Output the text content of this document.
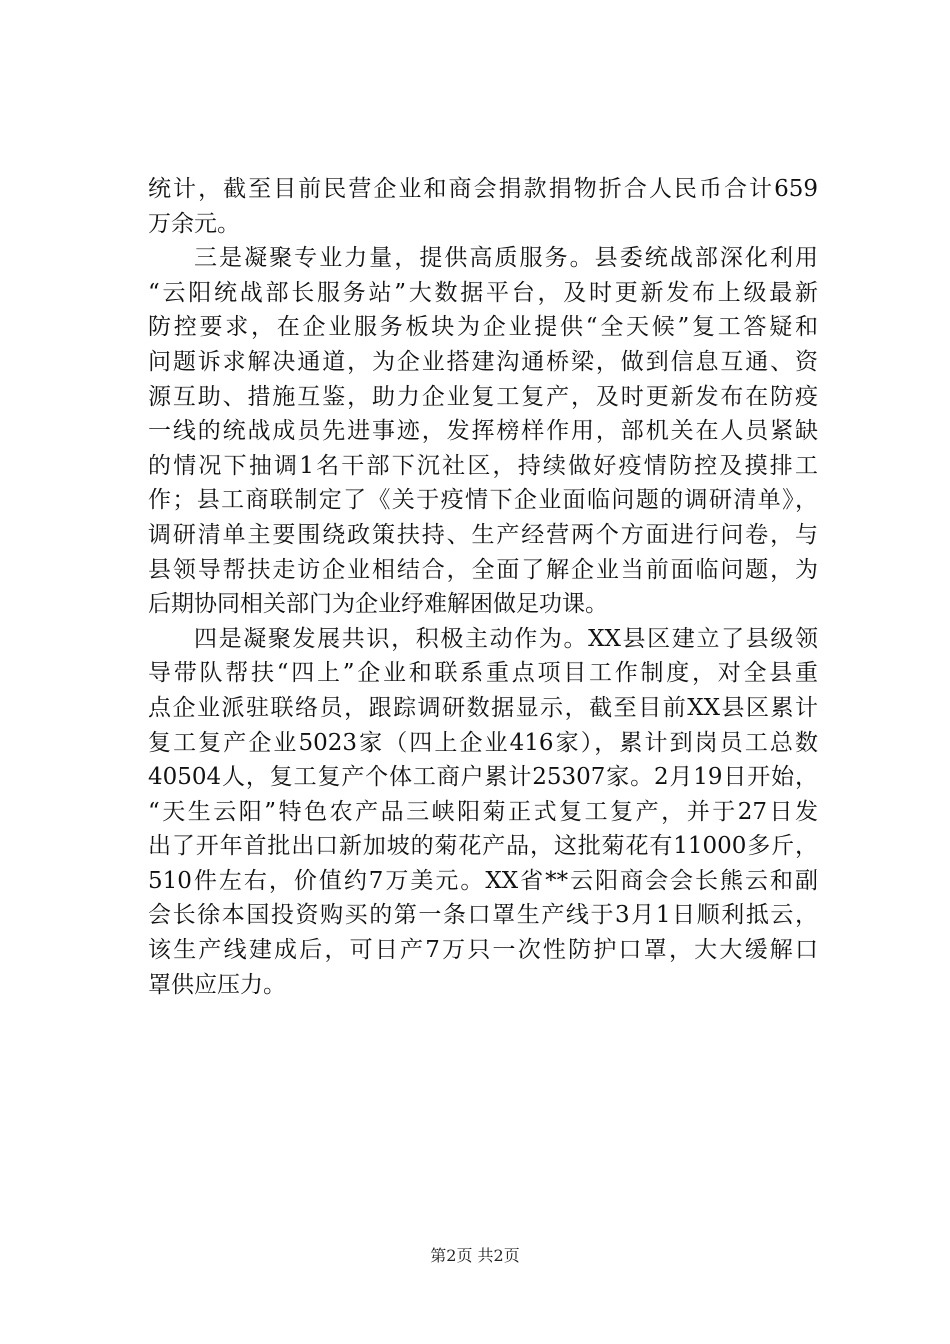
统计，截至目前民营企业和商会捐款捐物折合人民币合计659
万余元。
三是凝聚专业力量，提供高质服务。县委统战部深化利用
“云阳统战部长服务站”大数据平台，及时更新发布上级最新
防控要求，在企业服务板块为企业提供“全天候”复工答疑和
问题诉求解决通道，为企业搭建沟通桥梁，做到信息互通、资
源互助、措施互鉴，助力企业复工复产，及时更新发布在防疫
一线的统战成员先进事迹，发挥榜样作用，部机关在人员紧缺
的情况下抽调1名干部下沉社区，持续做好疫情防控及摸排工
作；县工商联制定了《关于疫情下企业面临问题的调研清单》，
调研清单主要围绕政策扶持、生产经营两个方面进行问卷，与
县领导帮扶走访企业相结合，全面了解企业当前面临问题，为
后期协同相关部门为企业纾难解困做足功课。
四是凝聚发展共识，积极主动作为。XX县区建立了县级领
导带队帮扶“四上”企业和联系重点项目工作制度，对全县重
点企业派驻联络员，跟踪调研数据显示，截至目前XX县区累计
复工复产企业5023家（四上企业416家），累计到岗员工总数
40504人，复工复产个体工商户累计25307家。2月19日开始，
“天生云阳”特色农产品三峡阳菊正式复工复产，并于27日发
出了开年首批出口新加坡的菊花产品，这批菊花有11000多斤，
510件左右，价值约7万美元。XX省**云阳商会会长熊云和副
会长徐本国投资购买的第一条口罩生产线于3月1日顺利抵云，
该生产线建成后，可日产7万只一次性防护口罩，大大缓解口
罩供应压力。
第2页 共2页
